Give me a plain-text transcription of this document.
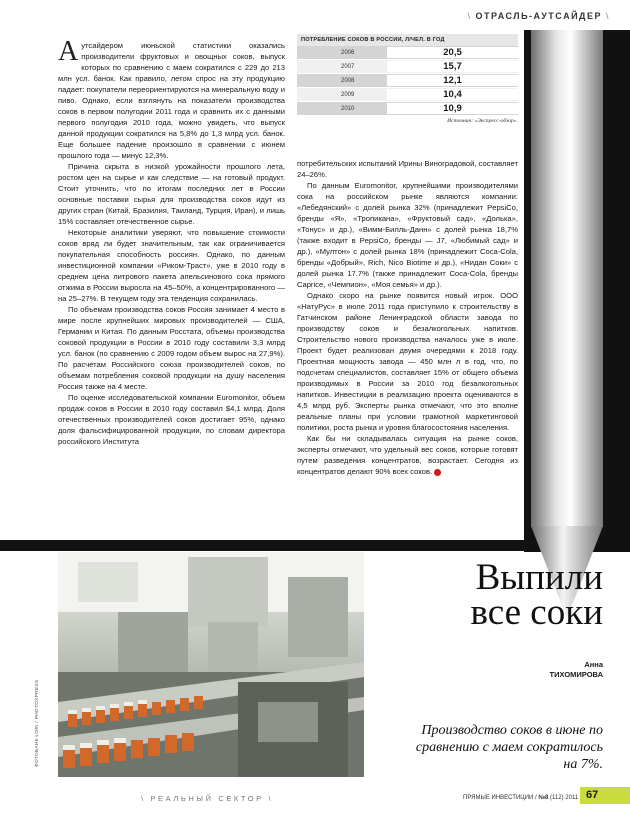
\ ОТРАСЛЬ-АУТСАЙДЕР \

Аутсайдером июньской статистики оказались производители фруктовых и овощных соков, выпуск которых по сравнению с маем сократился с 229 до 213 млн усл. банок. Как правило, летом спрос на эту продукцию падает: покупатели переориентируются на минеральную воду и пиво. Однако, если взглянуть на показатели производства соков в первом полугодии 2011 года и сравнить их с данными первого полугодия 2010 года, можно увидеть, что выпуск данной продукции сократился на 5,8% до 1,3 млрд усл. банок. Еще большее падение произошло в сравнении с июнем прошлого года — минус 12,3%.

Причина скрыта в низкой урожайности прошлого лета, ростом цен на сырье и как следствие — на готовый продукт. Стоит уточнить, что по итогам последних лет в России основные поставки сырья для производства соков идут из других стран (Китай, Бразилия, Таиланд, Турция, Иран), и лишь 15% составляет отечественное сырье.

Некоторые аналитики уверяют, что повышение стоимости соков вряд ли будет значительным, так как ограничивается покупательная способность россиян. Однако, по данным инвестиционной компании «Риком-Траст», уже в 2010 году в среднем цена литрового пакета апельсинового сока прямого отжима в России выросла на 45–50%, а концентрированного — на 25–27%. В текущем году эта тенденция сохранилась.

По объемам производства соков Россия занимает 4 место в мире после крупнейших мировых производителей — США, Германии и Китая. По данным Росстата, объемы производства соковой продукции в России в 2010 году составили 3,3 млрд усл. банок (по сравнению с 2009 годом объем вырос на 27,9%). По расчетам Российского союза производителей соков, по объемам потребления соковой продукции на душу населения Россия также на 4 месте.

По оценке исследовательской компании Euromonitor, объем продаж соков в России в 2010 году составил $4,1 млрд. Доля отечественных производителей соков достигает 95%, однако доля фальсифицированной продукции, по словам директора российского Института

ПОТРЕБЛЕНИЕ СОКОВ В РОССИИ, Л/ЧЕЛ. В ГОД
2006	20,5
2007	15,7
2008	12,1
2009	10,4
2010	10,9
Источник: «Экспресс-обзор».

потребительских испытаний Ирины Виноградовой, составляет 24–26%.

По данным Euromonitor, крупнейшими производителями сока на российском рынке являются компании: «Лебедянский» с долей рынка 32% (принадлежит PepsiCo, бренды «Я», «Тропикана», «Фруктовый сад», «Долька», «Тонус» и др.), «Вимм-Билль-Данн» с долей рынка 18,7% (также входит в PepsiCo, бренды — J7, «Любимый сад» и др.), «Мултон» с долей рынка 18% (принадлежит Coca-Cola, бренды «Добрый», Rich, Nico Biotime и др.), «Нидан Соки» с долей рынка 17.7% (также принадлежит Coca-Cola, бренды Caprice, «Чемпион», «Моя семья» и др.).

Однако скоро на рынке появится новый игрок. ООО «НатуРус» в июле 2011 года приступило к строительству в Гатчинском районе Ленинградской области завода по производству соков и безалкогольных напитков. Строительство нового производства началось уже в июле. Проект будет реализован двумя очередями к 2018 году. Проектная мощность завода — 450 млн л в год, что, по подсчетам специалистов, составляет 15% от общего объема производимых в России за 2010 год безалкогольных напитков. Инвестиции в реализацию проекта оцениваются в 4,5 млрд руб. Эксперты рынка отмечают, что это вполне реальные планы при условии грамотной маркетинговой политики, роста рынка и уровня благосостояния населения.

Как бы ни складывалась ситуация на рынке соков, эксперты отмечают, что удельный вес соков, которые готовят путем разведения концентратов, возрастает. Сегодня из концентратов делают 90% всех соков.

ФОТОБАНК LORI / PHOTOXPRESS
Выпили
все соки
Анна
ТИХОМИРОВА
Производство соков в июне по сравнению с маем сократилось на 7%.
\ РЕАЛЬНЫЙ СЕКТОР \	ПРЯМЫЕ ИНВЕСТИЦИИ / №8 (112) 2011 67
